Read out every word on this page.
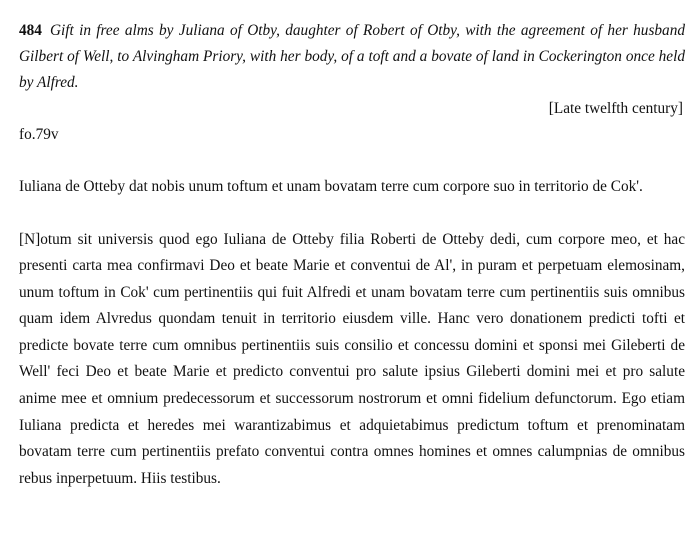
484 Gift in free alms by Juliana of Otby, daughter of Robert of Otby, with the agreement of her husband Gilbert of Well, to Alvingham Priory, with her body, of a toft and a bovate of land in Cockerington once held by Alfred.

[Late twelfth century]

fo.79v

Iuliana de Otteby dat nobis unum toftum et unam bovatam terre cum corpore suo in territorio de Cok'.

[N]otum sit universis quod ego Iuliana de Otteby filia Roberti de Otteby dedi, cum corpore meo, et hac presenti carta mea confirmavi Deo et beate Marie et conventui de Al', in puram et perpetuam elemosinam, unum toftum in Cok' cum pertinentiis qui fuit Alfredi et unam bovatam terre cum pertinentiis suis omnibus quam idem Alvredus quondam tenuit in territorio eiusdem ville. Hanc vero donationem predicti tofti et predicte bovate terre cum omnibus pertinentiis suis consilio et concessu domini et sponsi mei Gileberti de Well' feci Deo et beate Marie et predicto conventui pro salute ipsius Gileberti domini mei et pro salute anime mee et omnium predecessorum et successorum nostrorum et omni fidelium defunctorum. Ego etiam Iuliana predicta et heredes mei warantizabimus et adquietabimus predictum toftum et prenominatam bovatam terre cum pertinentiis prefato conventui contra omnes homines et omnes calumpnias de omnibus rebus inperpetuum. Hiis testibus.
